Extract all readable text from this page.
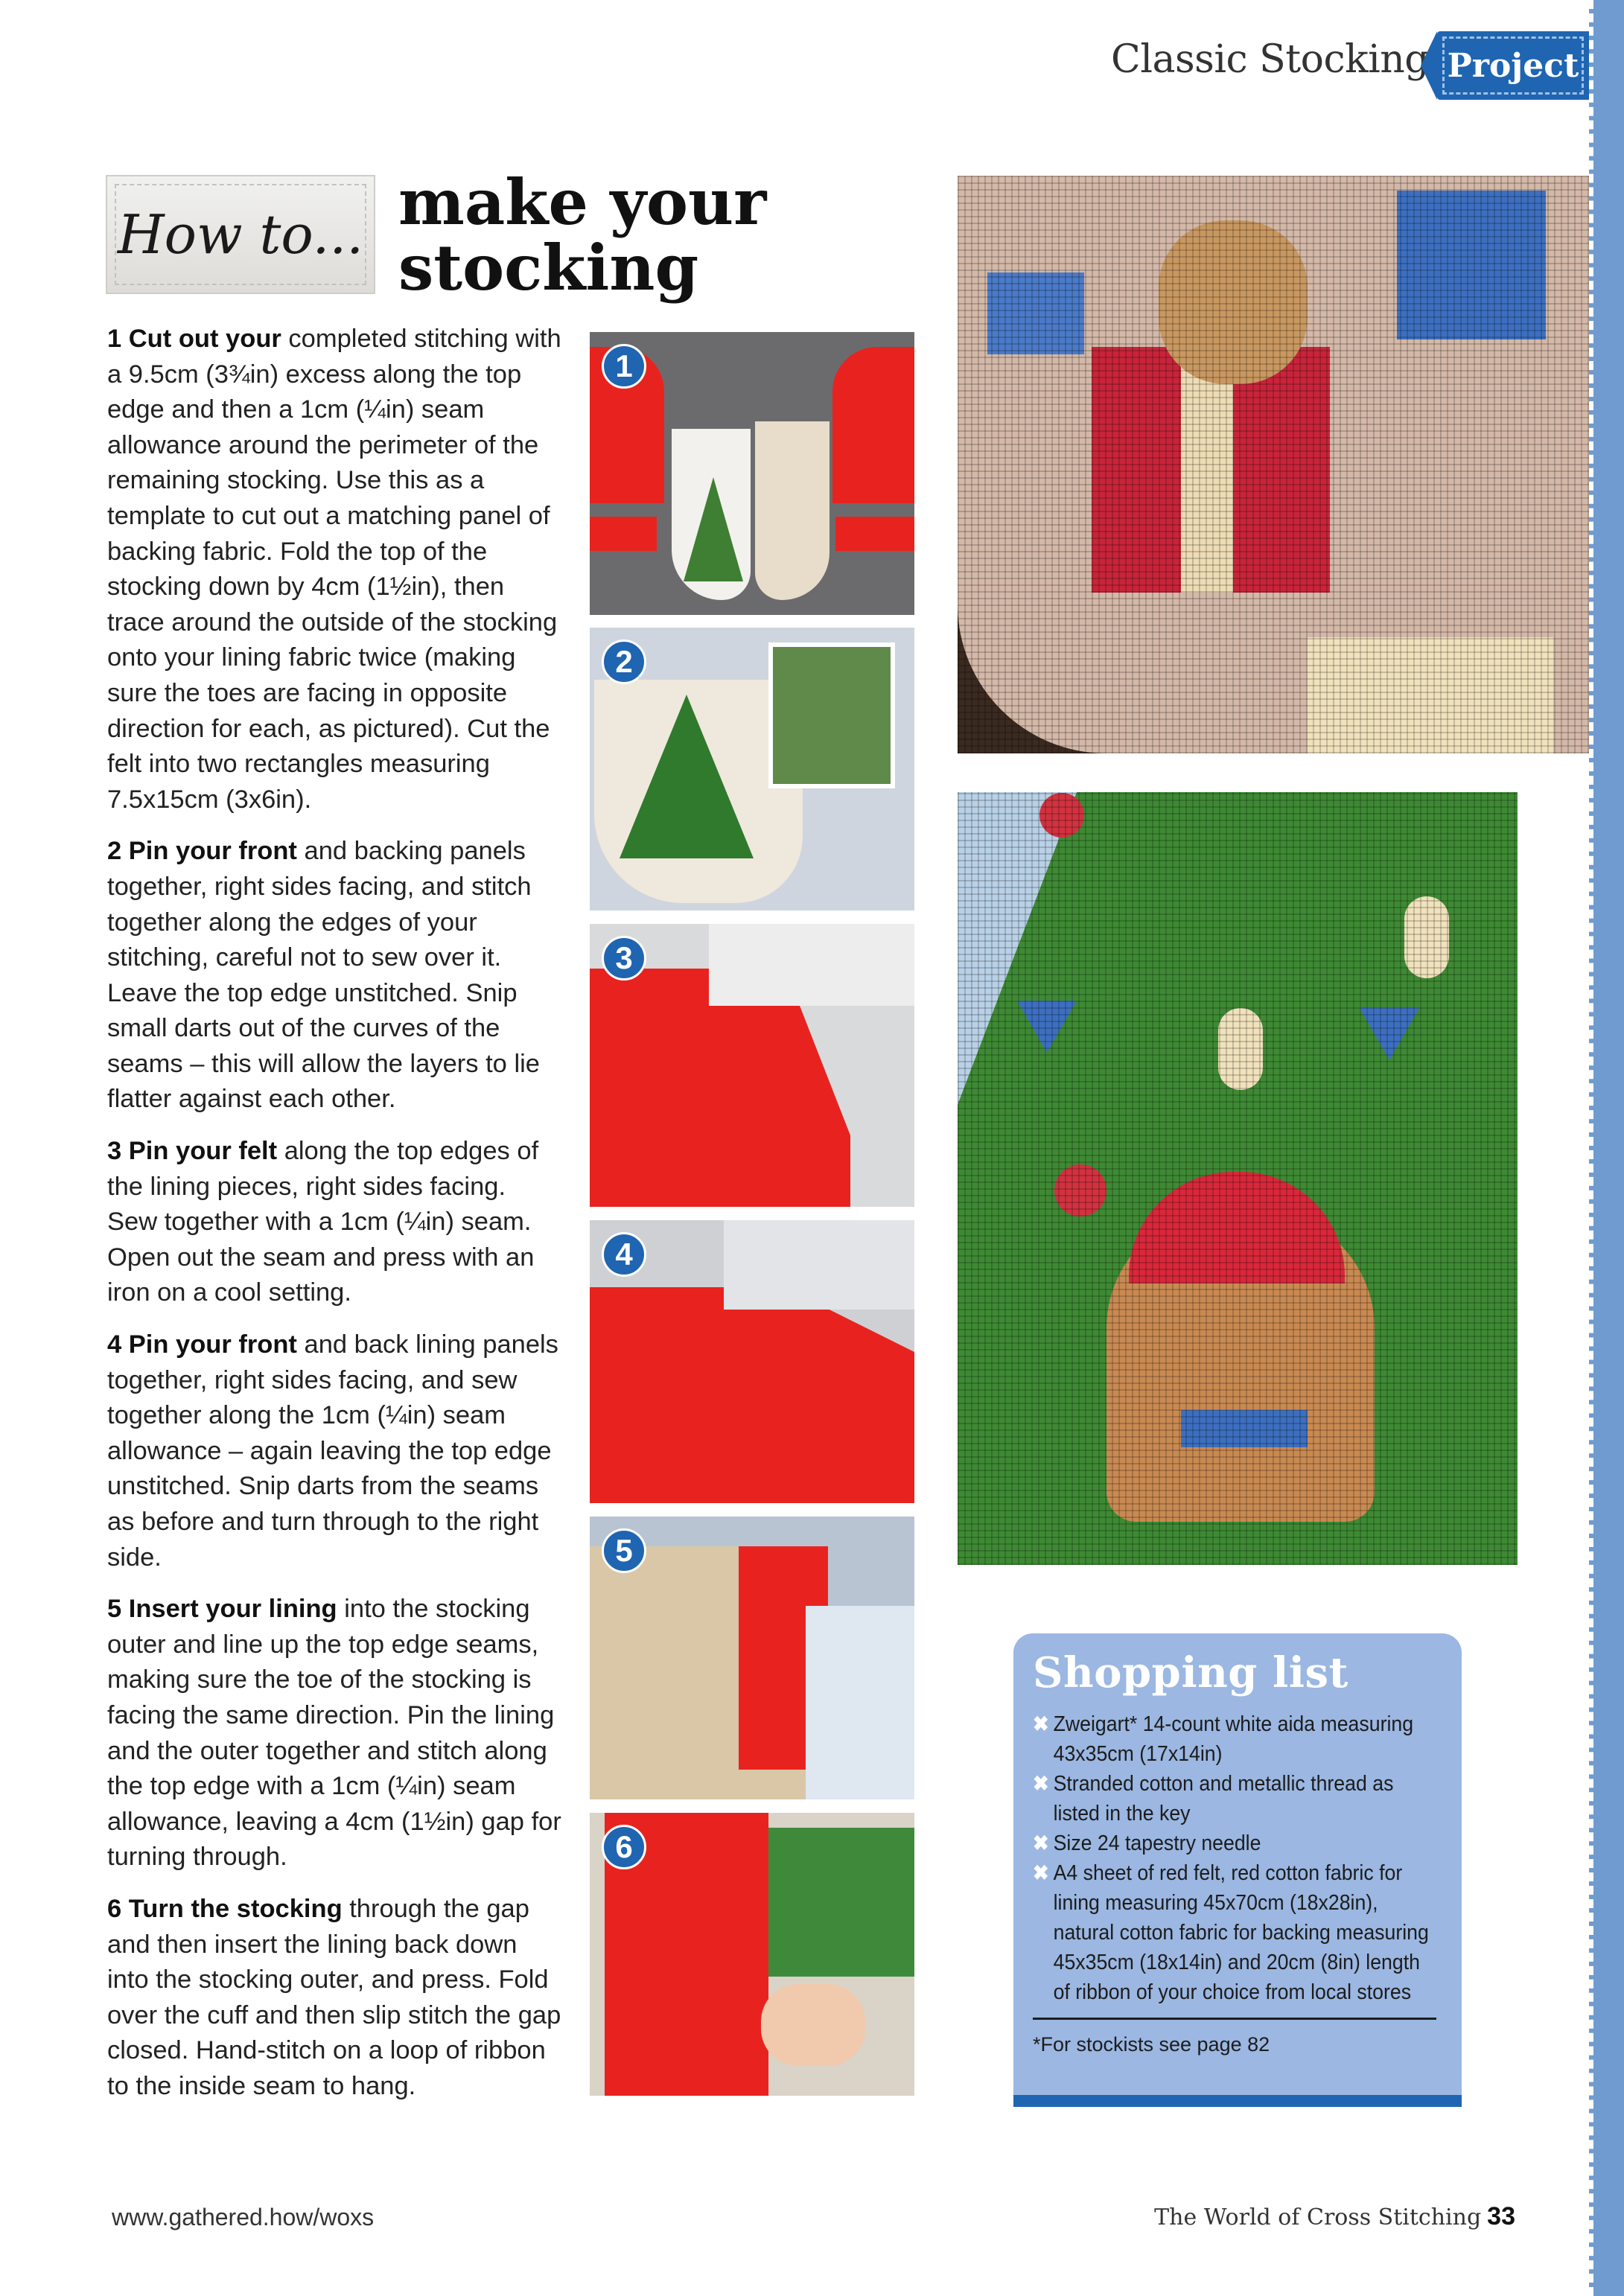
Classic Stocking Project
How to... make your
stocking

1 Cut out your completed stitching with a 9.5cm (3¾in) excess along the top edge and then a 1cm (¼in) seam allowance around the perimeter of the remaining stocking. Use this as a template to cut out a matching panel of backing fabric. Fold the top of the stocking down by 4cm (1½in), then trace around the outside of the stocking onto your lining fabric twice (making sure the toes are facing in opposite direction for each, as pictured). Cut the felt into two rectangles measuring 7.5x15cm (3x6in).

2 Pin your front and backing panels together, right sides facing, and stitch together along the edges of your stitching, careful not to sew over it. Leave the top edge unstitched. Snip small darts out of the curves of the seams – this will allow the layers to lie flatter against each other.

3 Pin your felt along the top edges of the lining pieces, right sides facing. Sew together with a 1cm (¼in) seam. Open out the seam and press with an iron on a cool setting.

4 Pin your front and back lining panels together, right sides facing, and sew together along the 1cm (¼in) seam allowance – again leaving the top edge unstitched. Snip darts from the seams as before and turn through to the right side.

5 Insert your lining into the stocking outer and line up the top edge seams, making sure the toe of the stocking is facing the same direction. Pin the lining and the outer together and stitch along the top edge with a 1cm (¼in) seam allowance, leaving a 4cm (1½in) gap for turning through.

6 Turn the stocking through the gap and then insert the lining back down into the stocking outer, and press. Fold over the cuff and then slip stitch the gap closed. Hand-stitch on a loop of ribbon to the inside seam to hang.

1
2
3
4
5
6
Shopping list
✖ Zweigart* 14-count white aida measuring 43x35cm (17x14in)
✖ Stranded cotton and metallic thread as listed in the key
✖ Size 24 tapestry needle
✖ A4 sheet of red felt, red cotton fabric for lining measuring 45x70cm (18x28in), natural cotton fabric for backing measuring 45x35cm (18x14in) and 20cm (8in) length of ribbon of your choice from local stores
*For stockists see page 82
www.gathered.how/woxs	The World of Cross Stitching 33
